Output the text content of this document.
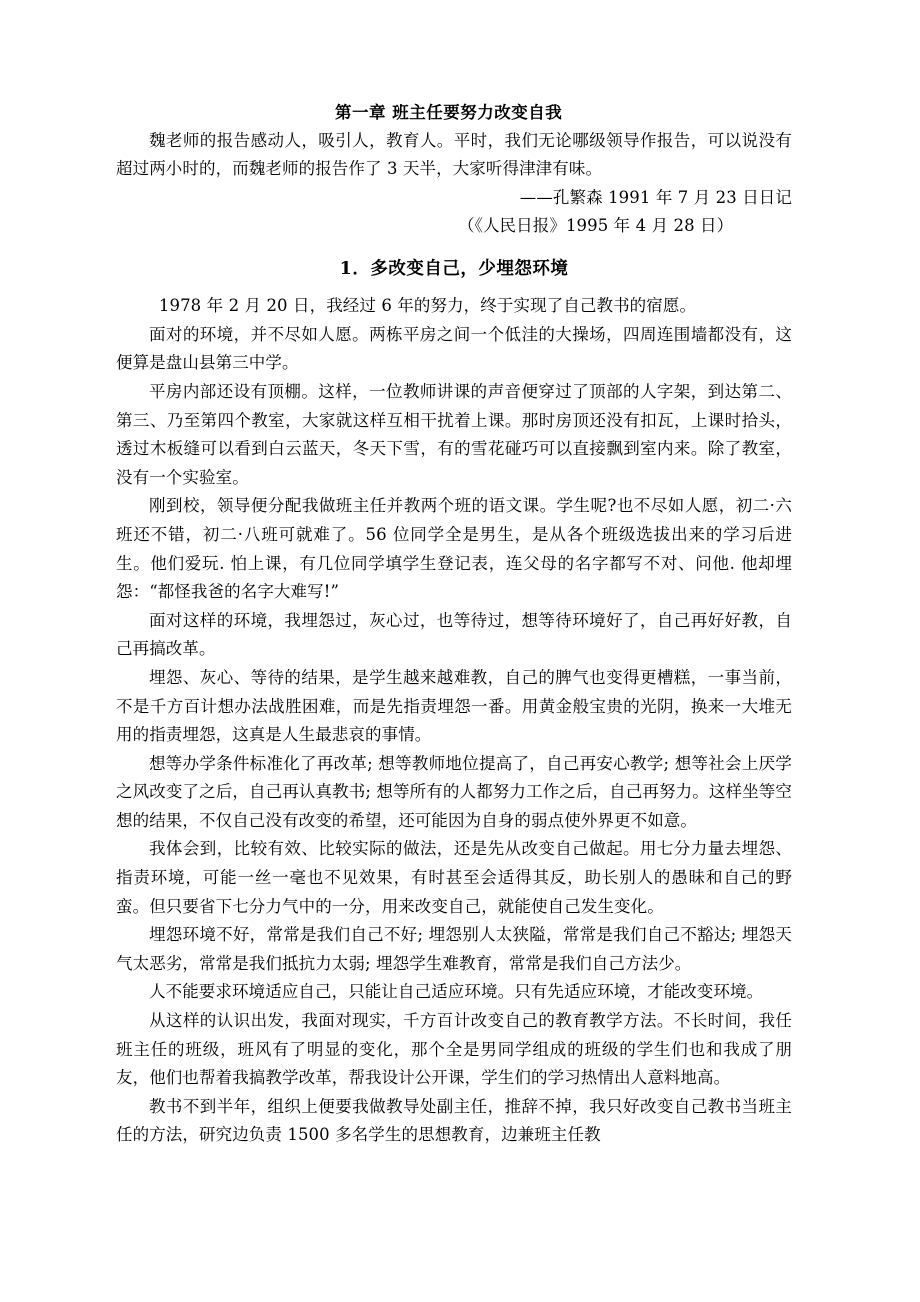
第一章 班主任要努力改变自我

魏老师的报告感动人，吸引人，教育人。平时，我们无论哪级领导作报告，可以说没有超过两小时的，而魏老师的报告作了 3 天半，大家听得津津有味。

——孔繁森 1991 年 7 月 23 日日记

（《人民日报》1995 年 4 月 28 日）

1．多改变自己，少埋怨环境

1978 年 2 月 20 日，我经过 6 年的努力，终于实现了自己教书的宿愿。

面对的环境，并不尽如人愿。两栋平房之间一个低洼的大操场，四周连围墙都没有，这便算是盘山县第三中学。

平房内部还设有顶棚。这样，一位教师讲课的声音便穿过了顶部的人字架，到达第二、第三、乃至第四个教室，大家就这样互相干扰着上课。那时房顶还没有扣瓦，上课时拾头，透过木板缝可以看到白云蓝天，冬天下雪，有的雪花碰巧可以直接飘到室内来。除了教室，没有一个实验室。

刚到校，领导便分配我做班主任并教两个班的语文课。学生呢?也不尽如人愿，初二·六班还不错，初二·八班可就难了。56 位同学全是男生，是从各个班级选拔出来的学习后进生。他们爱玩. 怕上课，有几位同学填学生登记表，连父母的名字都写不对、问他. 他却埋怨：“都怪我爸的名字大难写!”

面对这样的环境，我埋怨过，灰心过，也等待过，想等待环境好了，自己再好好教，自己再搞改革。

埋怨、灰心、等待的结果，是学生越来越难教，自己的脾气也变得更槽糕，一事当前，不是千方百计想办法战胜困难，而是先指责埋怨一番。用黄金般宝贵的光阴，换来一大堆无用的指责埋怨，这真是人生最悲哀的事情。

想等办学条件标准化了再改革; 想等教师地位提高了，自己再安心教学; 想等社会上厌学之风改变了之后，自己再认真教书; 想等所有的人都努力工作之后，自己再努力。这样坐等空想的结果，不仅自己没有改变的希望，还可能因为自身的弱点使外界更不如意。

我体会到，比较有效、比较实际的做法，还是先从改变自己做起。用七分力量去埋怨、指责环境，可能一丝一毫也不见效果，有时甚至会适得其反，助长别人的愚昧和自己的野蛮。但只要省下七分力气中的一分，用来改变自己，就能使自己发生变化。

埋怨环境不好，常常是我们自己不好; 埋怨别人太狭隘，常常是我们自己不豁达; 埋怨天气太恶劣，常常是我们抵抗力太弱; 埋怨学生难教育，常常是我们自己方法少。

人不能要求环境适应自己，只能让自己适应环境。只有先适应环境，才能改变环境。

从这样的认识出发，我面对现实，千方百计改变自己的教育教学方法。不长时间，我任班主任的班级，班风有了明显的变化，那个全是男同学组成的班级的学生们也和我成了朋友，他们也帮着我搞教学改革，帮我设计公开课，学生们的学习热情出人意料地高。

教书不到半年，组织上便要我做教导处副主任，推辞不掉，我只好改变自己教书当班主任的方法，研究边负责 1500 多名学生的思想教育，边兼班主任教
